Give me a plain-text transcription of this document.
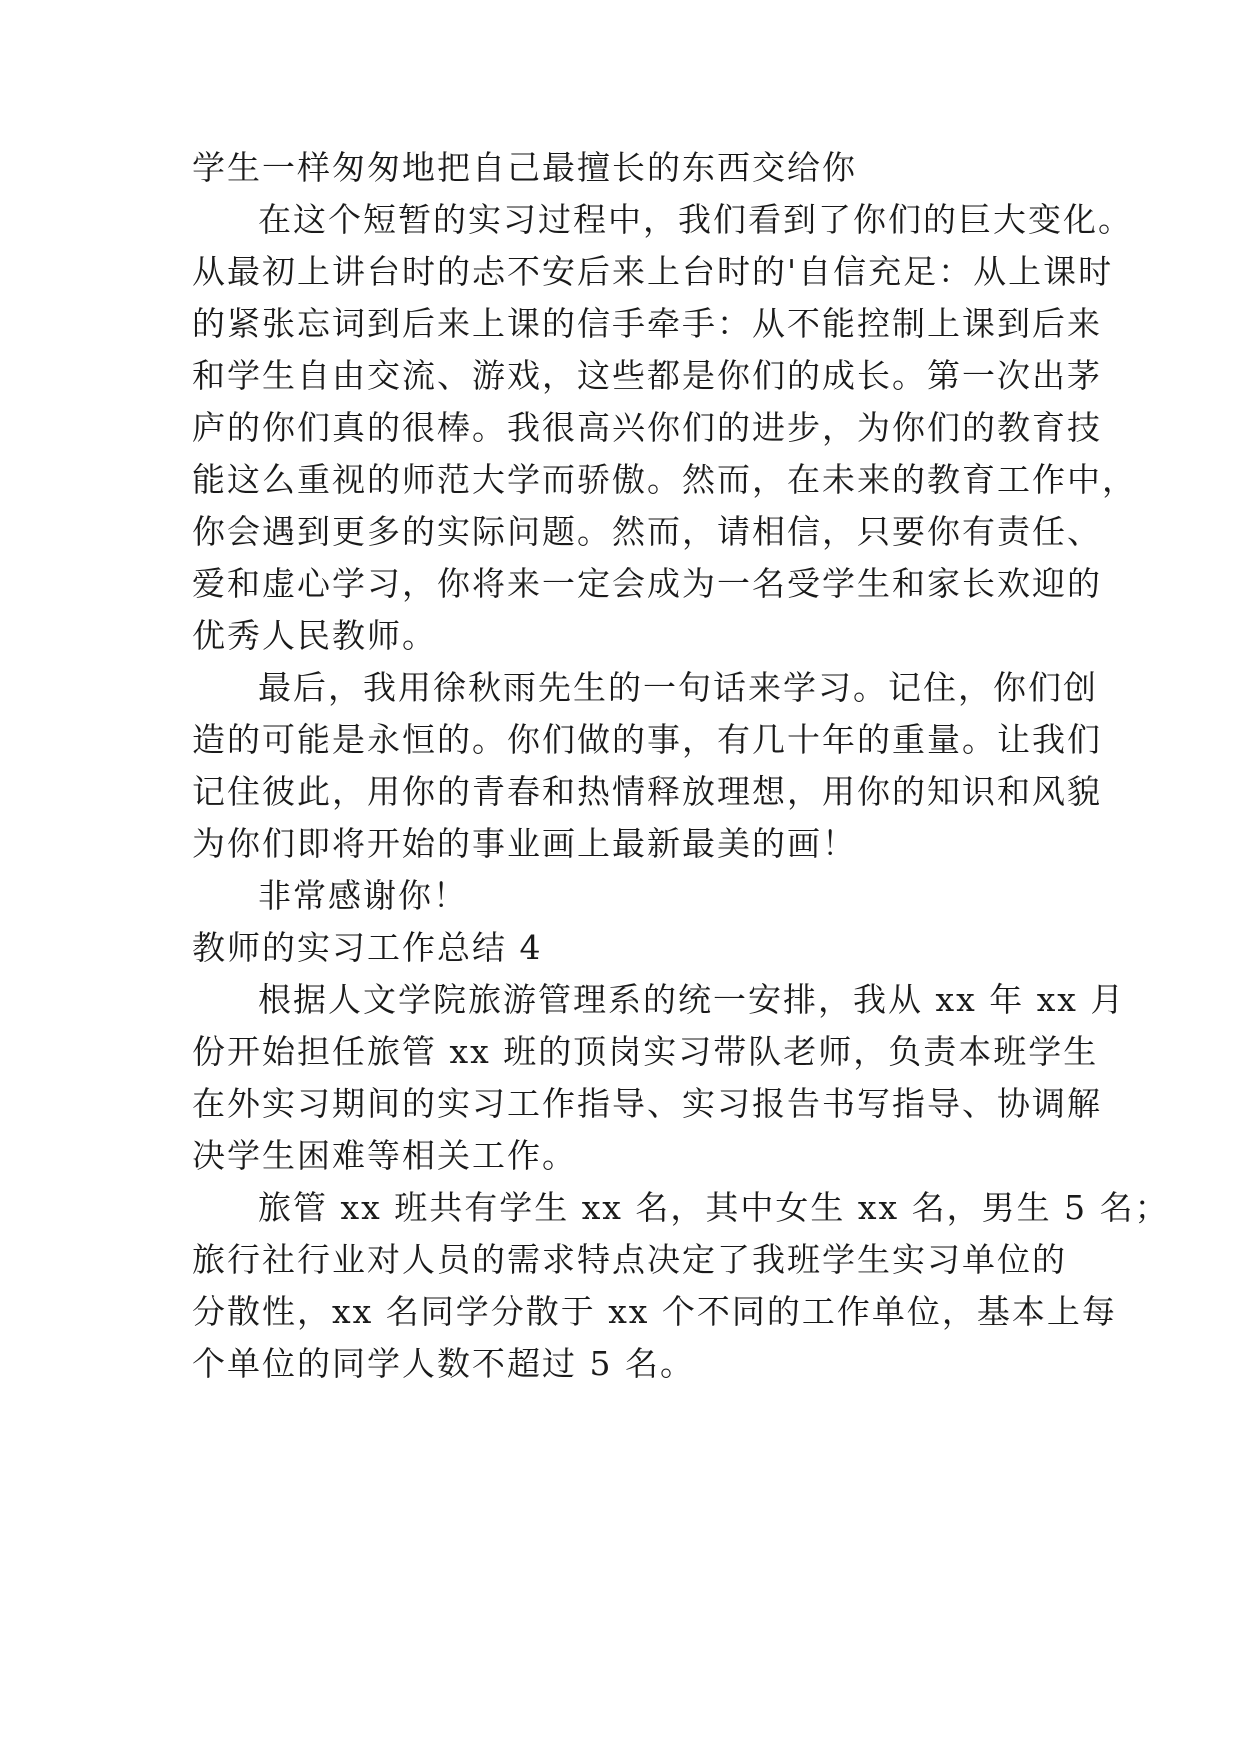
学生一样匆匆地把自己最擅长的东西交给你
在这个短暂的实习过程中，我们看到了你们的巨大变化。
从最初上讲台时的忐不安后来上台时的'自信充足：从上课时
的紧张忘词到后来上课的信手牵手：从不能控制上课到后来
和学生自由交流、游戏，这些都是你们的成长。第一次出茅
庐的你们真的很棒。我很高兴你们的进步，为你们的教育技
能这么重视的师范大学而骄傲。然而，在未来的教育工作中，
你会遇到更多的实际问题。然而，请相信，只要你有责任、
爱和虚心学习，你将来一定会成为一名受学生和家长欢迎的
优秀人民教师。
最后，我用徐秋雨先生的一句话来学习。记住，你们创
造的可能是永恒的。你们做的事，有几十年的重量。让我们
记住彼此，用你的青春和热情释放理想，用你的知识和风貌
为你们即将开始的事业画上最新最美的画！
非常感谢你！
教师的实习工作总结 4
根据人文学院旅游管理系的统一安排，我从 xx 年 xx 月
份开始担任旅管 xx 班的顶岗实习带队老师，负责本班学生
在外实习期间的实习工作指导、实习报告书写指导、协调解
决学生困难等相关工作。
旅管 xx 班共有学生 xx 名，其中女生 xx 名，男生 5 名；
旅行社行业对人员的需求特点决定了我班学生实习单位的
分散性，xx 名同学分散于 xx 个不同的工作单位，基本上每
个单位的同学人数不超过 5 名。
